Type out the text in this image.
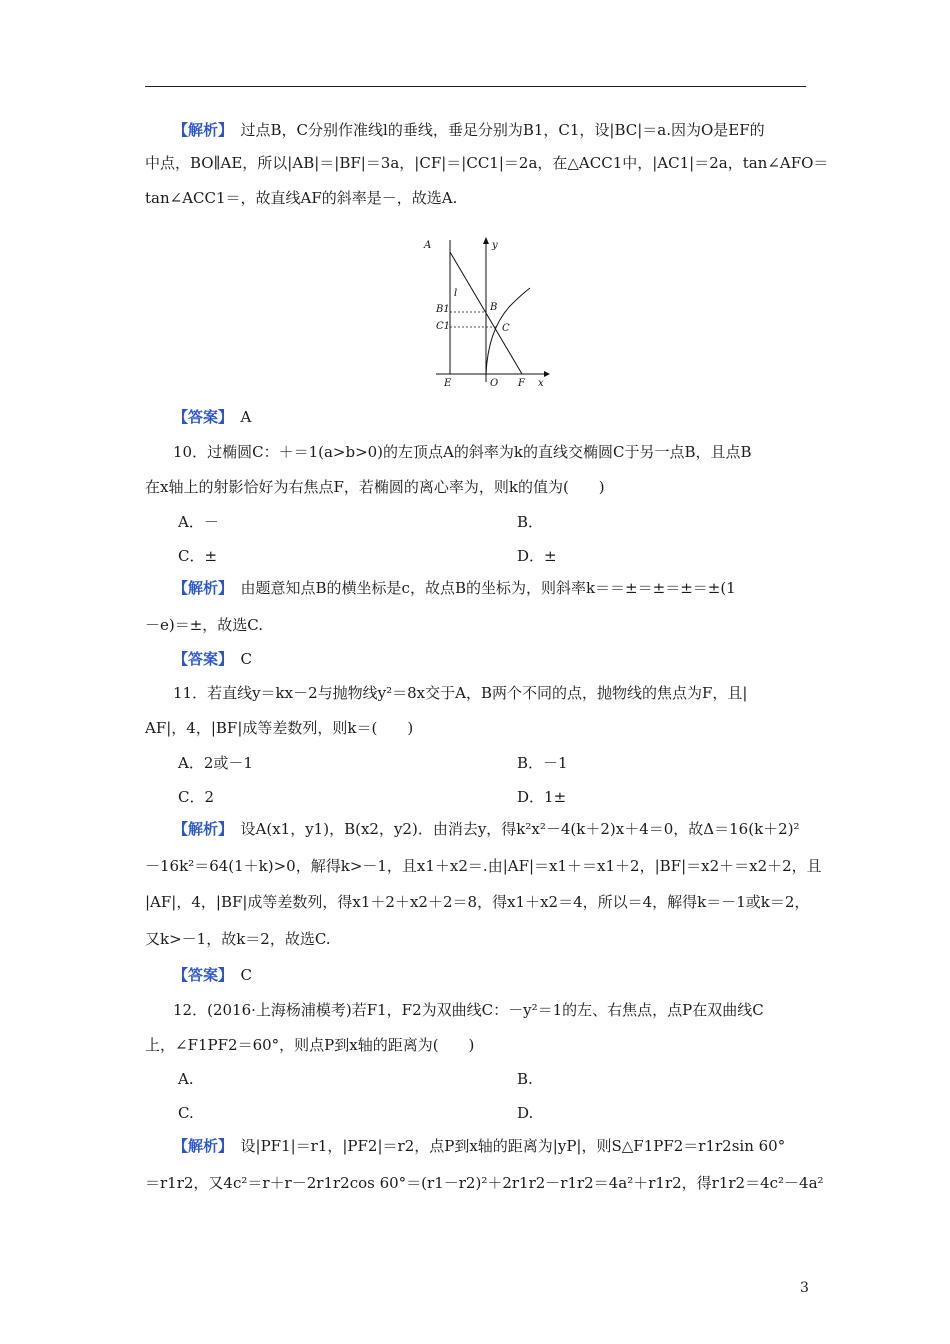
【解析】　过点B，C分别作准线l的垂线，垂足分别为B1，C1，设|BC|＝a.因为O是EF的
中点，BO∥AE，所以|AB|＝|BF|＝3a，|CF|＝|CC1|＝2a，在△ACC1中，|AC1|＝2a，tan∠AFO＝
tan∠ACC1＝，故直线AF的斜率是－，故选A.
【答案】　A
10．过椭圆C：＋＝1(a>b>0)的左顶点A的斜率为k的直线交椭圆C于另一点B，且点B
在x轴上的射影恰好为右焦点F，若椭圆的离心率为，则k的值为(　　)
【解析】　由题意知点B的横坐标是c，故点B的坐标为，则斜率k＝＝±＝±＝±＝±(1
－e)＝±，故选C.
【答案】　C
11．若直线y＝kx－2与抛物线y²＝8x交于A，B两个不同的点，抛物线的焦点为F，且|
AF|，4，|BF|成等差数列，则k＝(　　)
【解析】　设A(x1，y1)，B(x2，y2)．由消去y，得k²x²－4(k＋2)x＋4＝0，故Δ＝16(k＋2)²
－16k²＝64(1＋k)>0，解得k>－1，且x1＋x2＝.由|AF|＝x1＋＝x1＋2，|BF|＝x2＋＝x2＋2，且
|AF|，4，|BF|成等差数列，得x1＋2＋x2＋2＝8，得x1＋x2＝4，所以＝4，解得k＝－1或k＝2，
又k>－1，故k＝2，故选C.
【答案】　C
12．(2016·上海杨浦模考)若F1，F2为双曲线C：－y²＝1的左、右焦点，点P在双曲线C
上，∠F1PF2＝60°，则点P到x轴的距离为(　　)
【解析】　设|PF1|＝r1，|PF2|＝r2，点P到x轴的距离为|yP|，则S△F1PF2＝r1r2sin 60°
＝r1r2，又4c²＝r＋r－2r1r2cos 60°＝(r1－r2)²＋2r1r2－r1r2＝4a²＋r1r2，得r1r2＝4c²－4a²
A．－	B．
C．±	D．±
A．2或－1	B．－1
C．2	D．1±
A.	B.
C.	D.
A	y
l
B
B1
C1	C
E	O F x
3
